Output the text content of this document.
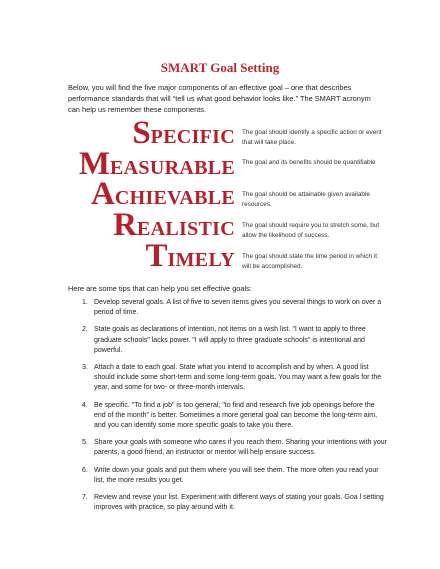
SMART Goal Setting
Below, you will find the five major components of an effective goal – one that describes performance standards that will “tell us what good behavior looks like.” The SMART acronym can help us remember these components.
SPECIFIC The goal should identify a specific action or event that will take place.
MEASURABLE The goal and its benefits should be quantifiable
ACHIEVABLE The goal should be attainable given available resources.
REALISTIC The goal should require you to stretch some, but allow the likelihood of success.
TIMELY The goal should state the time period in which it will be accomplished.
Here are some tips that can help you set effective goals:
1. Develop several goals. A list of five to seven items gives you several things to work on over a period of time.
2. State goals as declarations of intention, not items on a wish list. "I want to apply to three graduate schools" lacks power. "I will apply to three graduate schools" is intentional and powerful.
3. Attach a date to each goal. State what you intend to accomplish and by when. A good list should include some short-term and some long-term goals. You may want a few goals for the year, and some for two- or three-month intervals.
4. Be specific. "To find a job" is too general; "to find and research five job openings before the end of the month" is better. Sometimes a more general goal can become the long-term aim, and you can identify some more specific goals to take you there.
5. Share your goals with someone who cares if you reach them. Sharing your intentions with your parents, a good friend, an instructor or mentor will help ensure success.
6. Write down your goals and put them where you will see them. The more often you read your list, the more results you get.
7. Review and revise your list. Experiment with different ways of stating your goals. Goa l setting improves with practice, so play around with it.
